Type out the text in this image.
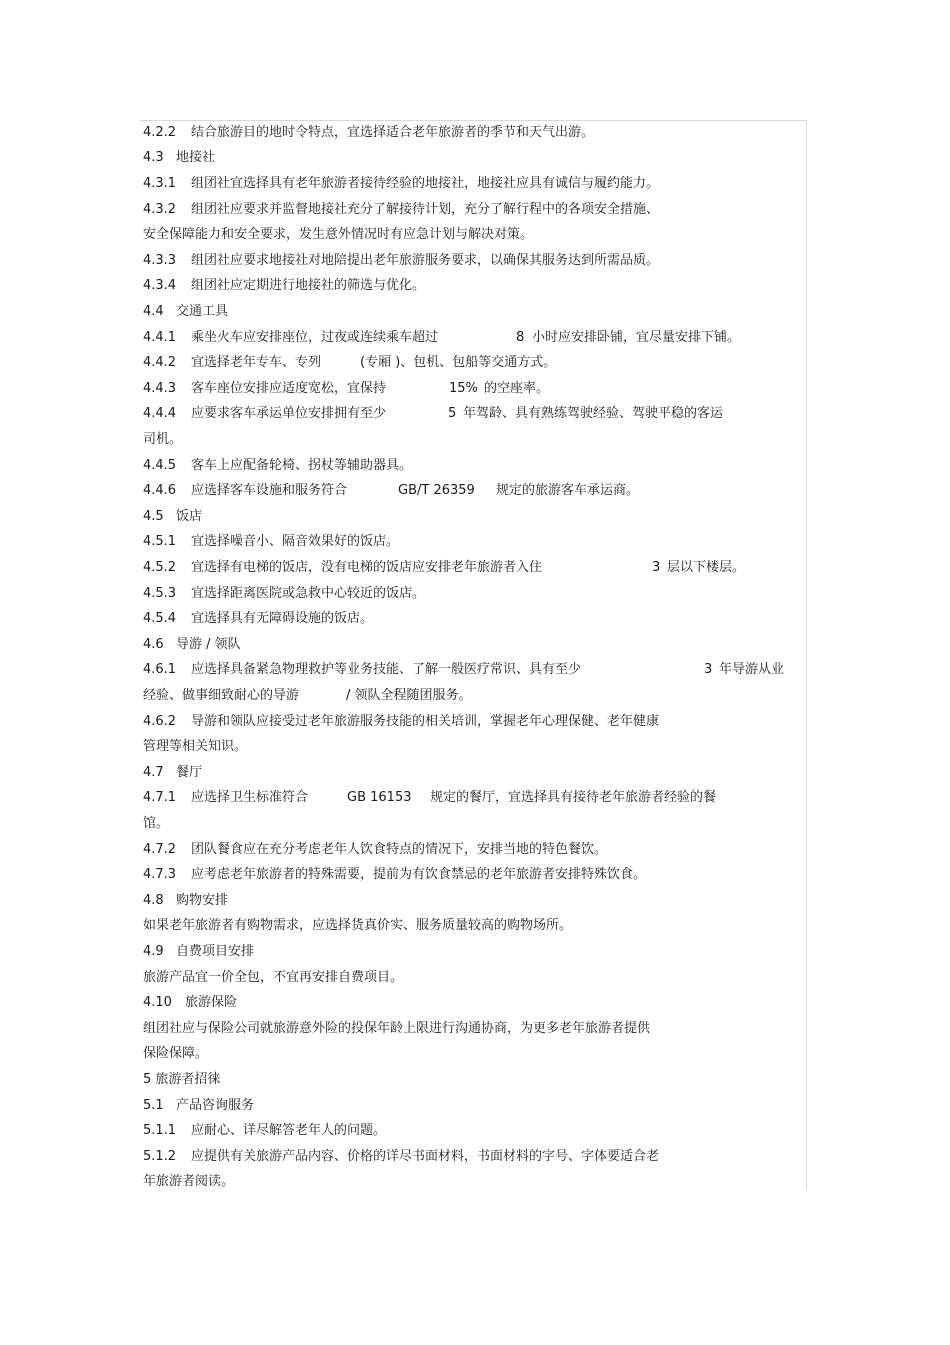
4.2.2 结合旅游目的地时令特点，宜选择适合老年旅游者的季节和天气出游。
4.3 地接社
4.3.1 组团社宜选择具有老年旅游者接待经验的地接社，地接社应具有诚信与履约能力。
4.3.2 组团社应要求并监督地接社充分了解接待计划，充分了解行程中的各项安全措施、
安全保障能力和安全要求，发生意外情况时有应急计划与解决对策。
4.3.3 组团社应要求地接社对地陪提出老年旅游服务要求，以确保其服务达到所需品质。
4.3.4 组团社应定期进行地接社的筛选与优化。
4.4 交通工具
4.4.1 乘坐火车应安排座位，过夜或连续乘车超过	8 小时应安排卧铺，宜尽量安排下铺。
4.4.2 宜选择老年专车、专列	(专厢 )、包机、包船等交通方式。
4.4.3 客车座位安排应适度宽松，宜保持	15% 的空座率。
4.4.4 应要求客车承运单位安排拥有至少	5 年驾龄、具有熟练驾驶经验、驾驶平稳的客运
司机。
4.4.5 客车上应配备轮椅、拐杖等辅助器具。
4.4.6 应选择客车设施和服务符合	GB/T 26359 规定的旅游客车承运商。
4.5 饭店
4.5.1 宜选择噪音小、隔音效果好的饭店。
4.5.2 宜选择有电梯的饭店，没有电梯的饭店应安排老年旅游者入住	3 层以下楼层。
4.5.3 宜选择距离医院或急救中心较近的饭店。
4.5.4 宜选择具有无障碍设施的饭店。
4.6 导游 / 领队
4.6.1 应选择具备紧急物理救护等业务技能、了解一般医疗常识、具有至少	3 年导游从业
经验、做事细致耐心的导游	/ 领队全程随团服务。
4.6.2 导游和领队应接受过老年旅游服务技能的相关培训，掌握老年心理保健、老年健康
管理等相关知识。
4.7 餐厅
4.7.1 应选择卫生标准符合	GB 16153 规定的餐厅，宜选择具有接待老年旅游者经验的餐
馆。
4.7.2 团队餐食应在充分考虑老年人饮食特点的情况下，安排当地的特色餐饮。
4.7.3 应考虑老年旅游者的特殊需要，提前为有饮食禁忌的老年旅游者安排特殊饮食。
4.8 购物安排
如果老年旅游者有购物需求，应选择货真价实、服务质量较高的购物场所。
4.9 自费项目安排
旅游产品宜一价全包，不宜再安排自费项目。
4.10 旅游保险
组团社应与保险公司就旅游意外险的投保年龄上限进行沟通协商，为更多老年旅游者提供
保险保障。
5 旅游者招徕
5.1 产品咨询服务
5.1.1 应耐心、详尽解答老年人的问题。
5.1.2 应提供有关旅游产品内容、价格的详尽书面材料，书面材料的字号、字体要适合老
年旅游者阅读。
